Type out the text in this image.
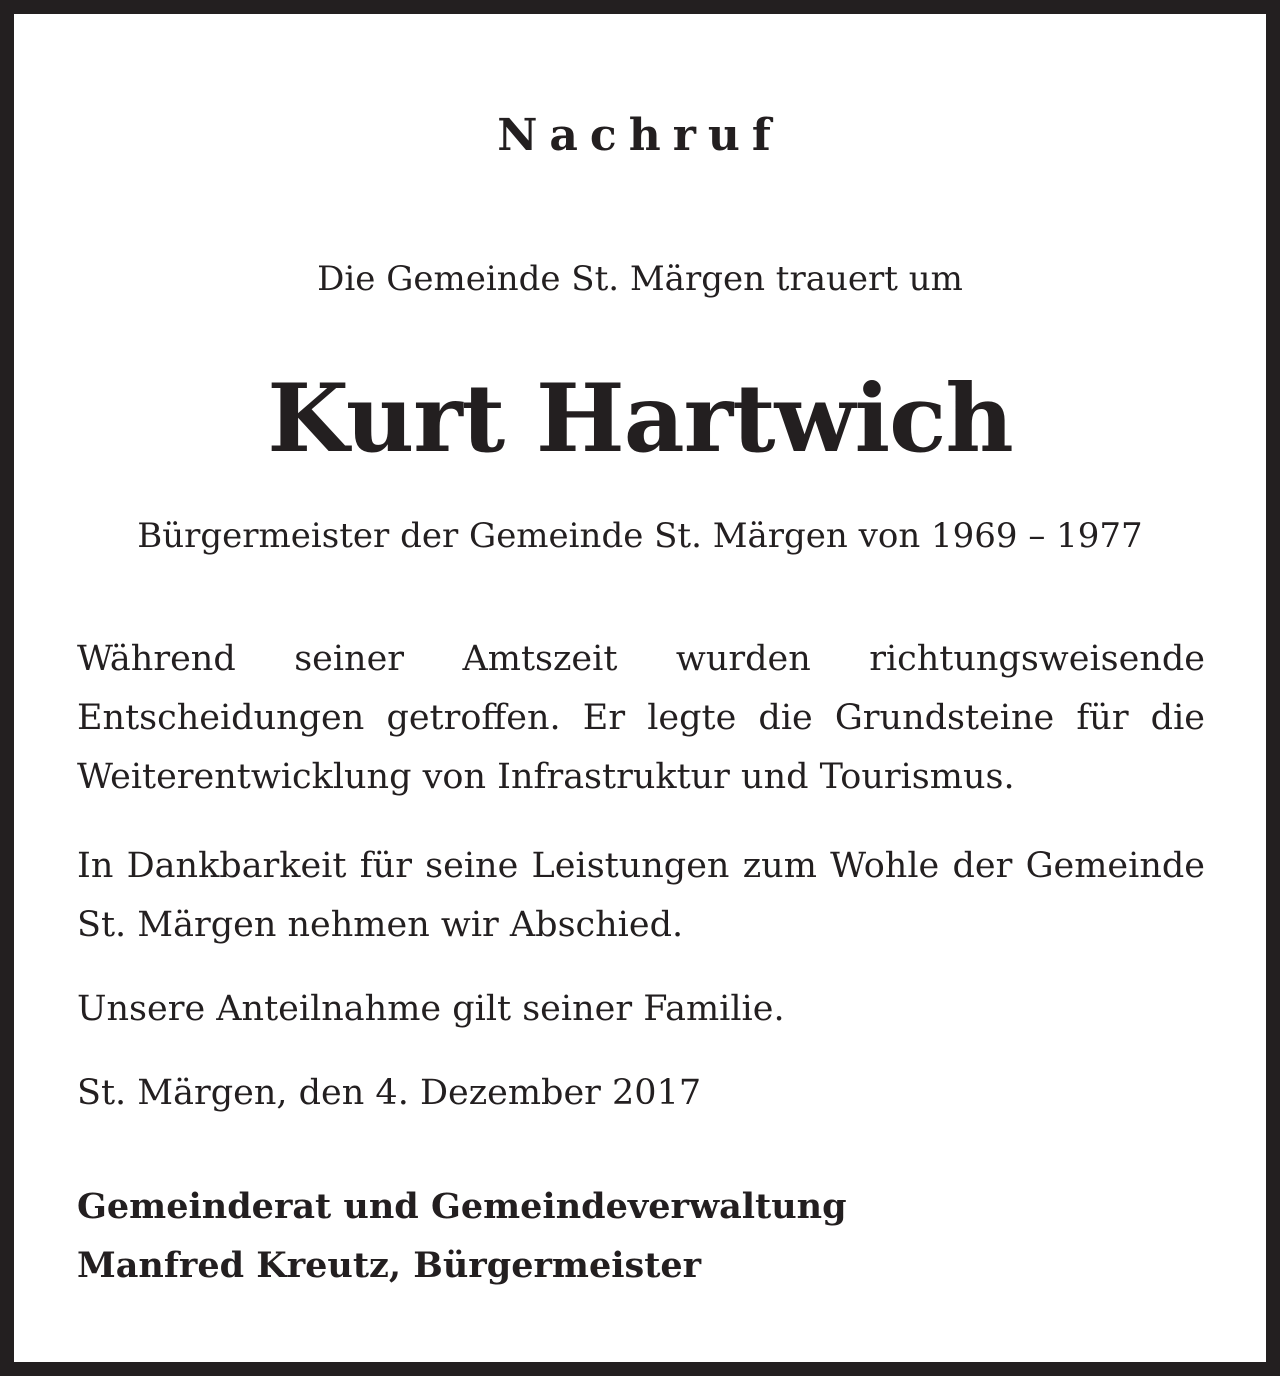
Nachruf

Die Gemeinde St. Märgen trauert um

Kurt Hartwich

Bürgermeister der Gemeinde St. Märgen von 1969 – 1977

Während seiner Amtszeit wurden richtungsweisende Entscheidungen getroffen. Er legte die Grundsteine für die Weiterentwicklung von Infrastruktur und Tourismus.

In Dankbarkeit für seine Leistungen zum Wohle der Gemeinde St. Märgen nehmen wir Abschied.

Unsere Anteilnahme gilt seiner Familie.

St. Märgen, den 4. Dezember 2017

Gemeinderat und Gemeindeverwaltung

Manfred Kreutz, Bürgermeister
